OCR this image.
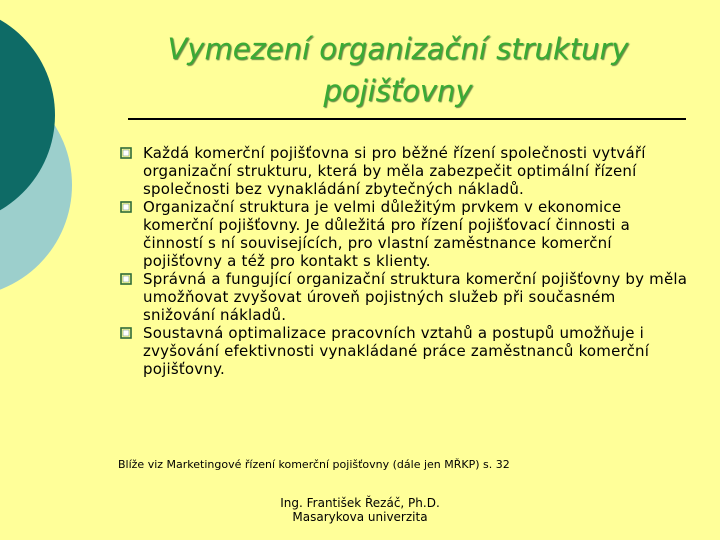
Vymezení organizační struktury
pojišťovny
Každá komerční pojišťovna si pro běžné řízení společnosti vytváří organizační strukturu, která by měla zabezpečit optimální řízení společnosti bez vynakládání zbytečných nákladů.
Organizační struktura je velmi důležitým prvkem v ekonomice komerční pojišťovny. Je důležitá pro řízení pojišťovací činnosti a činností s ní souvisejících, pro vlastní zaměstnance komerční pojišťovny a též pro kontakt s klienty.
Správná a fungující organizační struktura komerční pojišťovny by měla umožňovat zvyšovat úroveň pojistných služeb při současném snižování nákladů.
Soustavná optimalizace pracovních vztahů a postupů umožňuje i zvyšování efektivnosti vynakládané práce zaměstnanců komerční pojišťovny.
Blíže viz Marketingové řízení komerční pojišťovny (dále jen MŘKP) s. 32
Ing. František Řezáč, Ph.D.
Masarykova univerzita
